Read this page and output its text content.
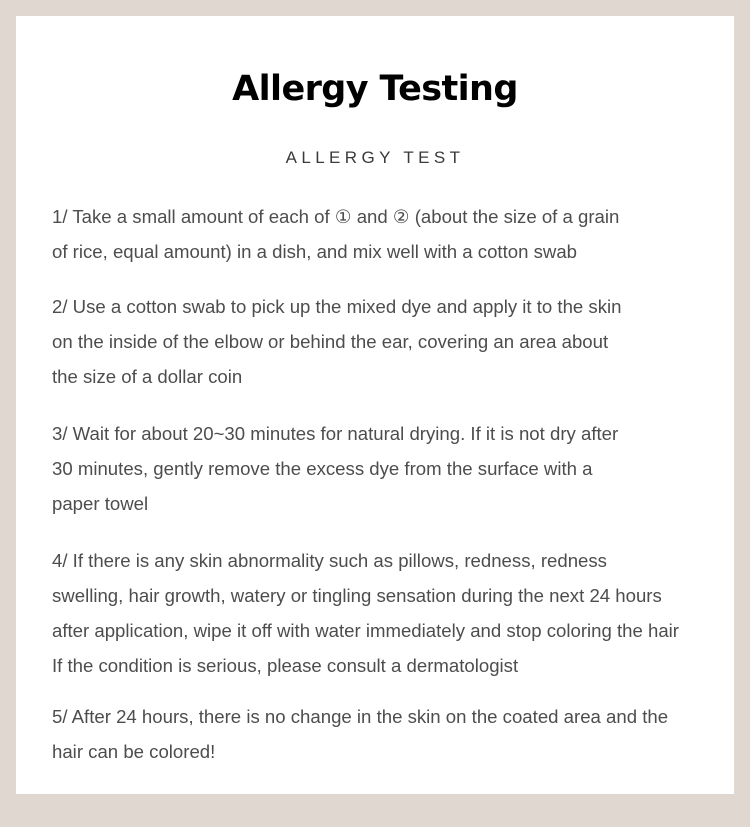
Allergy Testing
ALLERGY TEST
1/ Take a small amount of each of ① and ② (about the size of a grain
of rice, equal amount) in a dish, and mix well with a cotton swab
2/ Use a cotton swab to pick up the mixed dye and apply it to the skin
on the inside of the elbow or behind the ear, covering an area about
the size of a dollar coin
3/ Wait for about 20~30 minutes for natural drying. If it is not dry after
30 minutes, gently remove the excess dye from the surface with a
paper towel
4/ If there is any skin abnormality such as pillows, redness, redness
swelling, hair growth, watery or tingling sensation during the next 24 hours
after application, wipe it off with water immediately and stop coloring the hair
If the condition is serious, please consult a dermatologist
5/ After 24 hours, there is no change in the skin on the coated area and the
hair can be colored!
